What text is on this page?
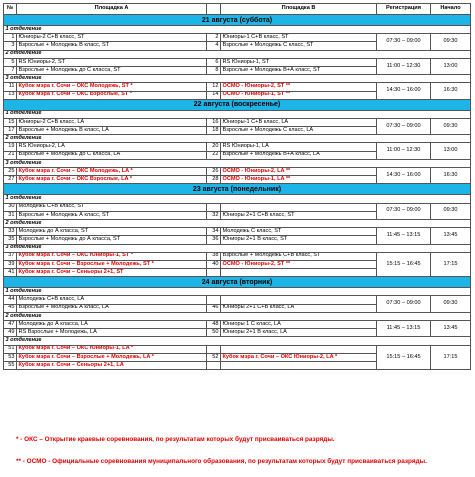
№	Площадка A		Площадка B	Регистрация	Начало
21 августа (суббота)					
1 отделение					
1	Юниоры-2 С+В класс, ST	2	Юниоры-1 С+В класс, ST	07:30 – 09:00	09:30
3	Взрослые + Молодежь В класс, ST	4	Взрослые + Молодежь С класс, ST		
2 отделение					
5	RS Юниоры-2, ST	6	RS Юниоры-1, ST	11:00 – 12:30	13:00
7	Взрослые + Молодежь до С класса, ST	8	Взрослые + Молодежь В+А класс, ST		
3 отделение					
11	Кубок мэра г. Сочи – ОКС Молодежь, ST *	12	ОСМО - Юниоры-2, ST **	14:30 – 16:00	16:30
13	Кубок мэра г. Сочи – ОКС Взрослые, ST *	14	ОСМО - Юниоры-1, ST **		
22 августа (воскресенье)					
1 отделение					
15	Юниоры-2 С+В класс, LA	16	Юниоры-1 С+В класс, LA	07:30 – 09:00	09:30
17	Взрослые + Молодежь В класс, LA	18	Взрослые + Молодежь С класс, LA		
2 отделение					
19	RS Юниоры-2, LA	20	RS Юниоры-1, LA	11:00 – 12:30	13:00
21	Взрослые + Молодежь до С класса, LA	22	Взрослые + Молодежь В+А класс, LA		
3 отделение					
25	Кубок мэра г. Сочи – ОКС Молодежь, LA *	26	ОСМО - Юниоры-2, LA **	14:30 – 16:00	16:30
27	Кубок мэра г. Сочи – ОКС Взрослые, LA *	28	ОСМО - Юниоры-1, LA **		
23 августа (понедельник)					
1 отделение					
30	Молодежь С+В класс, ST			07:30 – 09:00	09:30
31	Взрослые + Молодежь А класс, ST	32	Юниоры 2+1 С+В класс, ST		
2 отделение					
33	Молодежь до А класса, ST	34	Молодежь С класс, ST	11:45 – 13:15	13:45
35	Взрослые + Молодежь до А класса, ST	36	Юниоры 2+1 В класс, ST		
3 отделение					
37	Кубок мэра г. Сочи – ОКС Юниоры-1, ST *	38	Взрослые + Молодежь С+В класс, ST	15:15 – 16:45	17:15
39	Кубок мэра г. Сочи – Взрослые + Молодежь, ST *	40	ОСМО - Юниоры-2, ST **		
41	Кубок мэра г. Сочи – Сеньоры 2+1, ST				
24 августа (вторник)					
1 отделение					
44	Молодежь С+В класс, LA			07:30 – 09:00	09:30
45	Взрослые + Молодежь А класс, LA	46	Юниоры 2+1 С+В класс, LA		
2 отделение					
47	Молодежь до А класса, LA	48	Юниоры 1 С класс, LA	11:45 – 13:15	13:45
49	RS Взрослые + Молодежь, LA	50	Юниоры 2+1 В класс, LA		
3 отделение					
51	Кубок мэра г. Сочи – ОКС Юниоры-1, LA *			15:15 – 16:45	17:15
53	Кубок мэра г. Сочи – Взрослые + Молодежь, LA *	52	Кубок мэра г. Сочи – ОКС Юниоры-2, LA *		
55	Кубок мэра г. Сочи – Сеньоры 2+1, LA				
* - ОКС – Открытие краевые соревнования, по результатам которых будут присваиваться разряды.
** - ОСМО - Официальные соревнования муниципального образования, по результатам которых будут присваиваться разряды.
